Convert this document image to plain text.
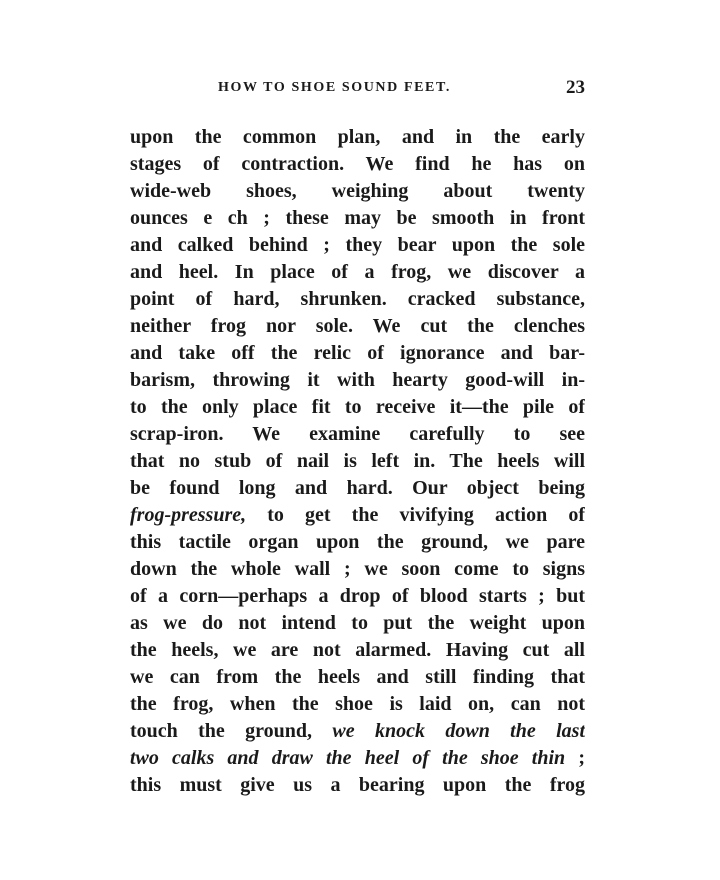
HOW TO SHOE SOUND FEET.	23
upon the common plan, and in the early
stages of contraction. We find he has on
wide-web shoes, weighing about twenty
ounces e ch ; these may be smooth in front
and calked behind ; they bear upon the sole
and heel. In place of a frog, we discover a
point of hard, shrunken. cracked substance,
neither frog nor sole. We cut the clenches
and take off the relic of ignorance and bar-
barism, throwing it with hearty good-will in-
to the only place fit to receive it—the pile of
scrap-iron. We examine carefully to see
that no stub of nail is left in. The heels will
be found long and hard. Our object being
frog-pressure, to get the vivifying action of
this tactile organ upon the ground, we pare
down the whole wall ; we soon come to signs
of a corn—perhaps a drop of blood starts ; but
as we do not intend to put the weight upon
the heels, we are not alarmed. Having cut all
we can from the heels and still finding that
the frog, when the shoe is laid on, can not
touch the ground, we knock down the last
two calks and draw the heel of the shoe thin ;
this must give us a bearing upon the frog
